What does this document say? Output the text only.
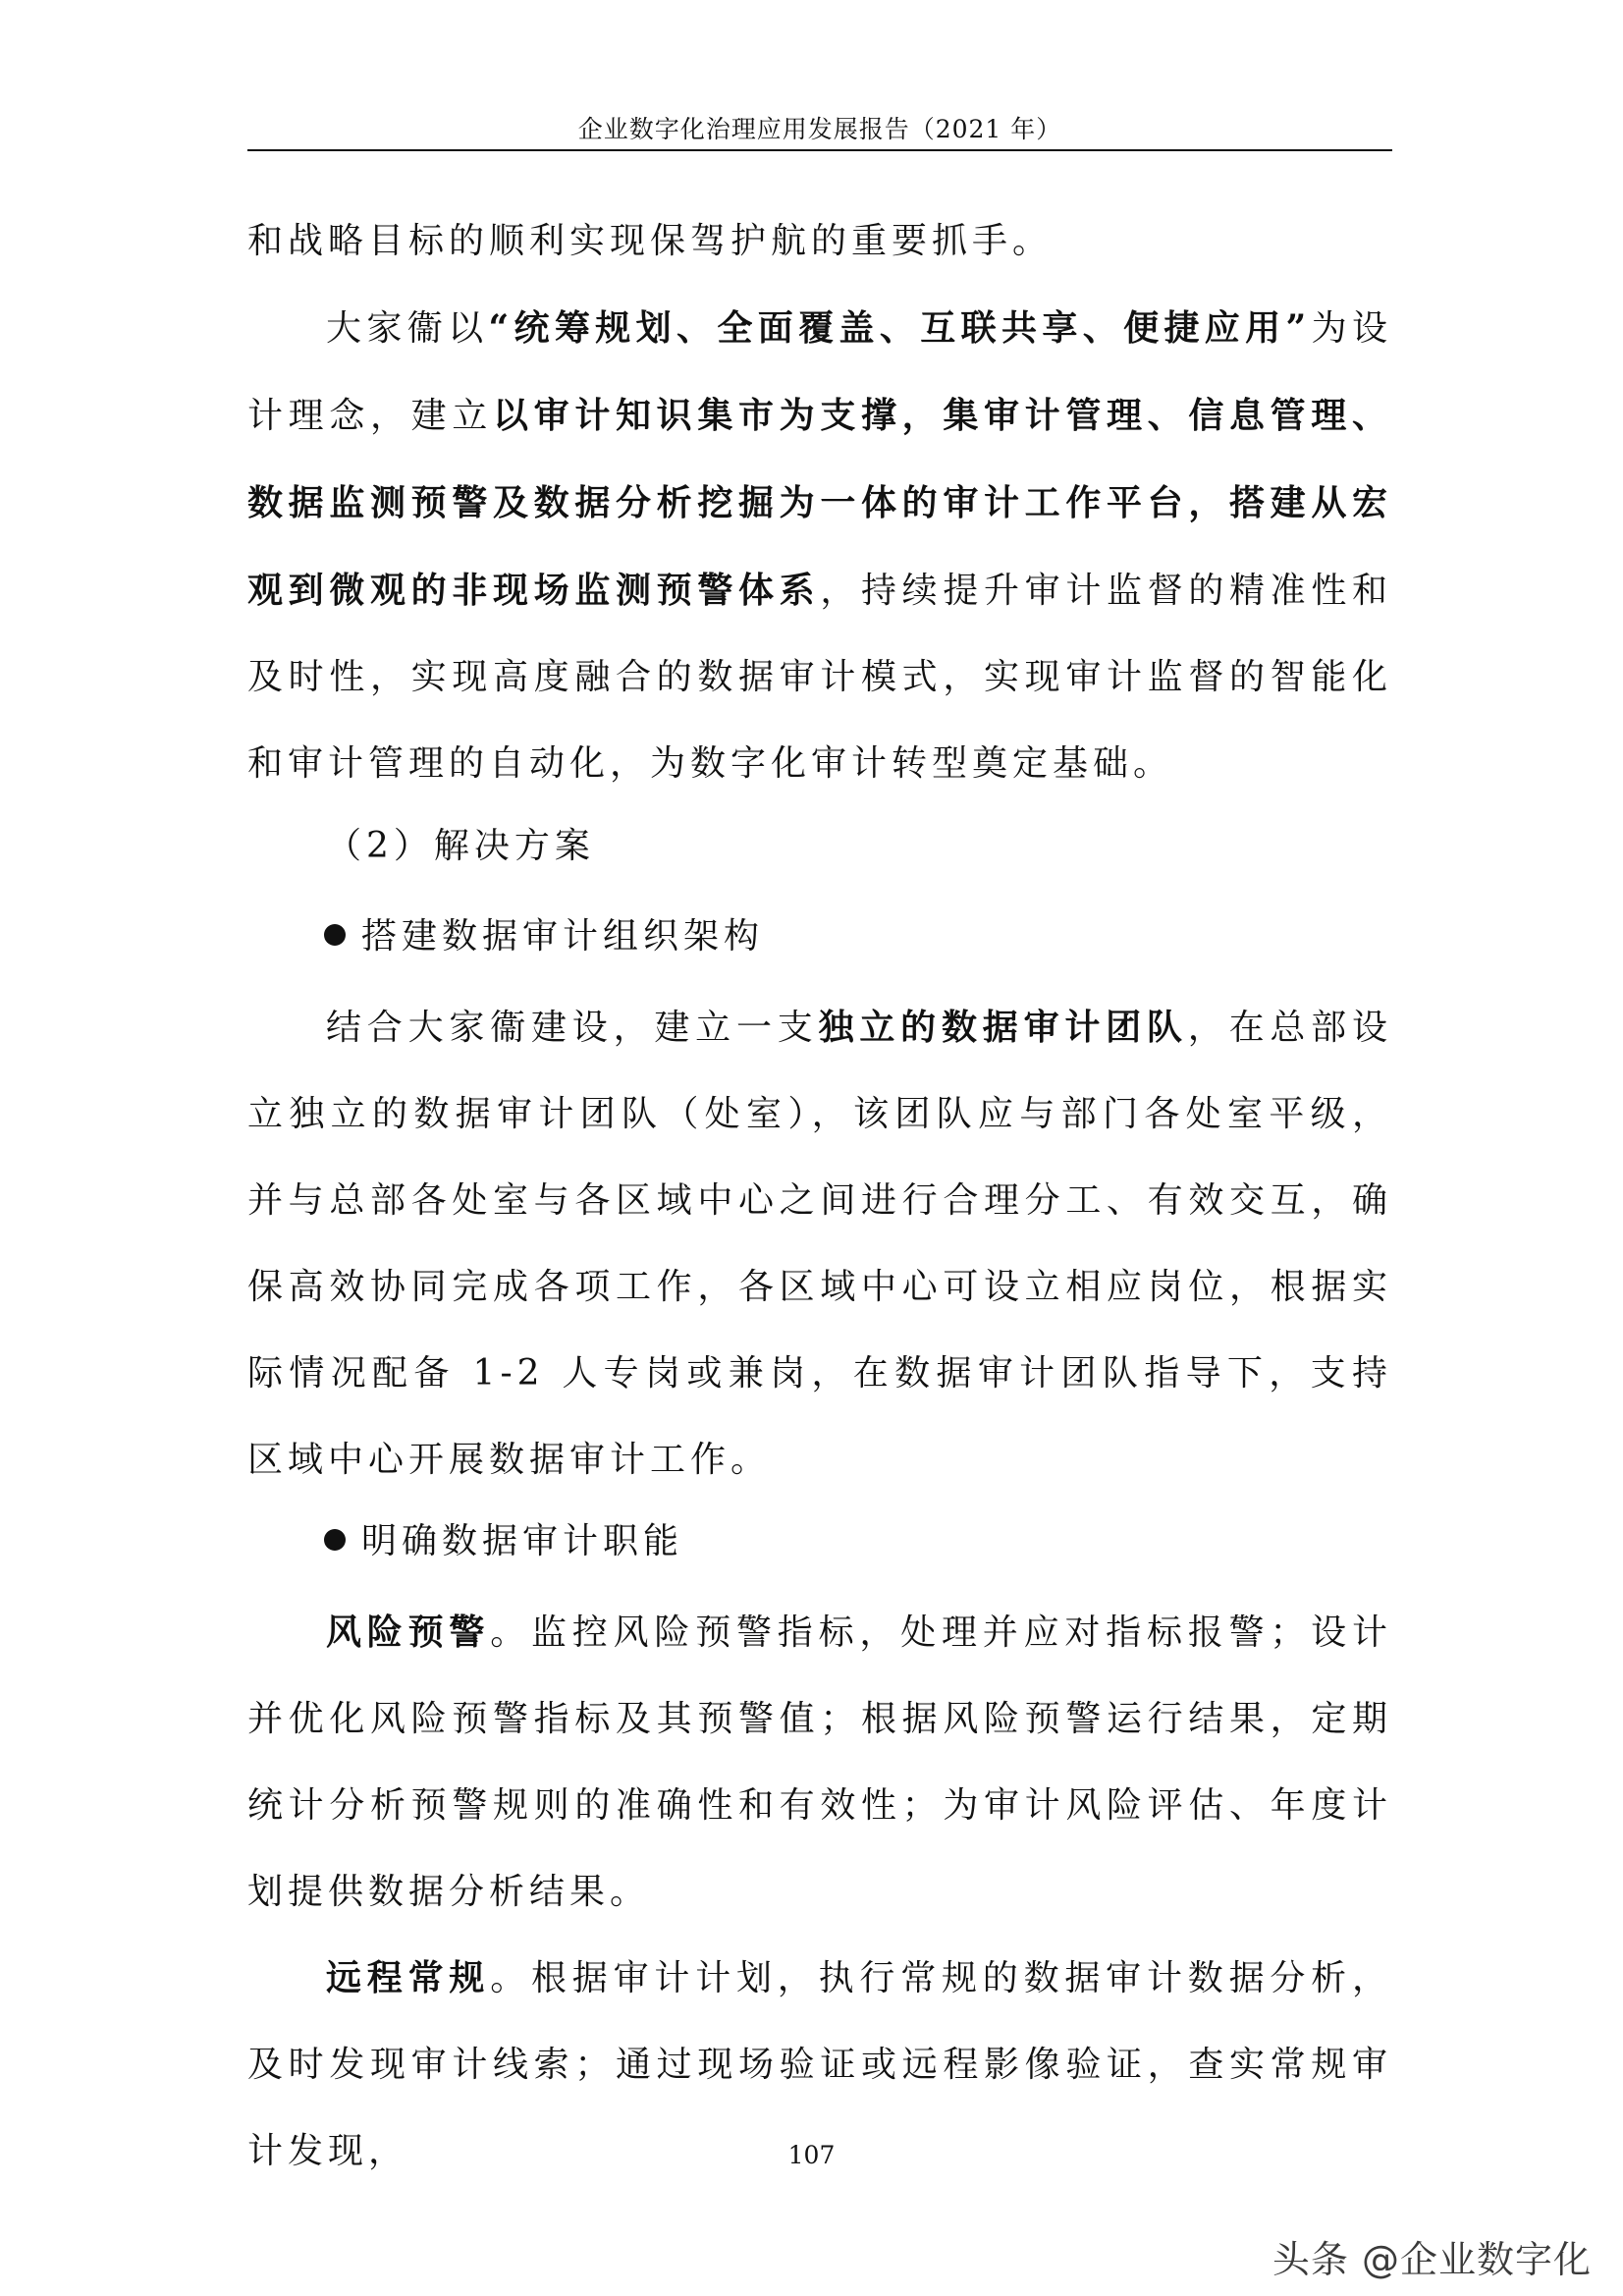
企业数字化治理应用发展报告（2021 年）

和战略目标的顺利实现保驾护航的重要抓手。

大家衞以“统筹规划、全面覆盖、互联共享、便捷应用”为设计理念，建立以审计知识集市为支撑，集审计管理、信息管理、数据监测预警及数据分析挖掘为一体的审计工作平台，搭建从宏观到微观的非现场监测预警体系，持续提升审计监督的精准性和及时性，实现高度融合的数据审计模式，实现审计监督的智能化和审计管理的自动化，为数字化审计转型奠定基础。

（2）解决方案

搭建数据审计组织架构

结合大家衞建设，建立一支独立的数据审计团队，在总部设立独立的数据审计团队（处室），该团队应与部门各处室平级，并与总部各处室与各区域中心之间进行合理分工、有效交互，确保高效协同完成各项工作，各区域中心可设立相应岗位，根据实际情况配备 1-2 人专岗或兼岗，在数据审计团队指导下，支持区域中心开展数据审计工作。

明确数据审计职能

风险预警。监控风险预警指标，处理并应对指标报警；设计并优化风险预警指标及其预警值；根据风险预警运行结果，定期统计分析预警规则的准确性和有效性；为审计风险评估、年度计划提供数据分析结果。

远程常规。根据审计计划，执行常规的数据审计数据分析，及时发现审计线索；通过现场验证或远程影像验证，查实常规审计发现，	107
头条 @企业数字化
